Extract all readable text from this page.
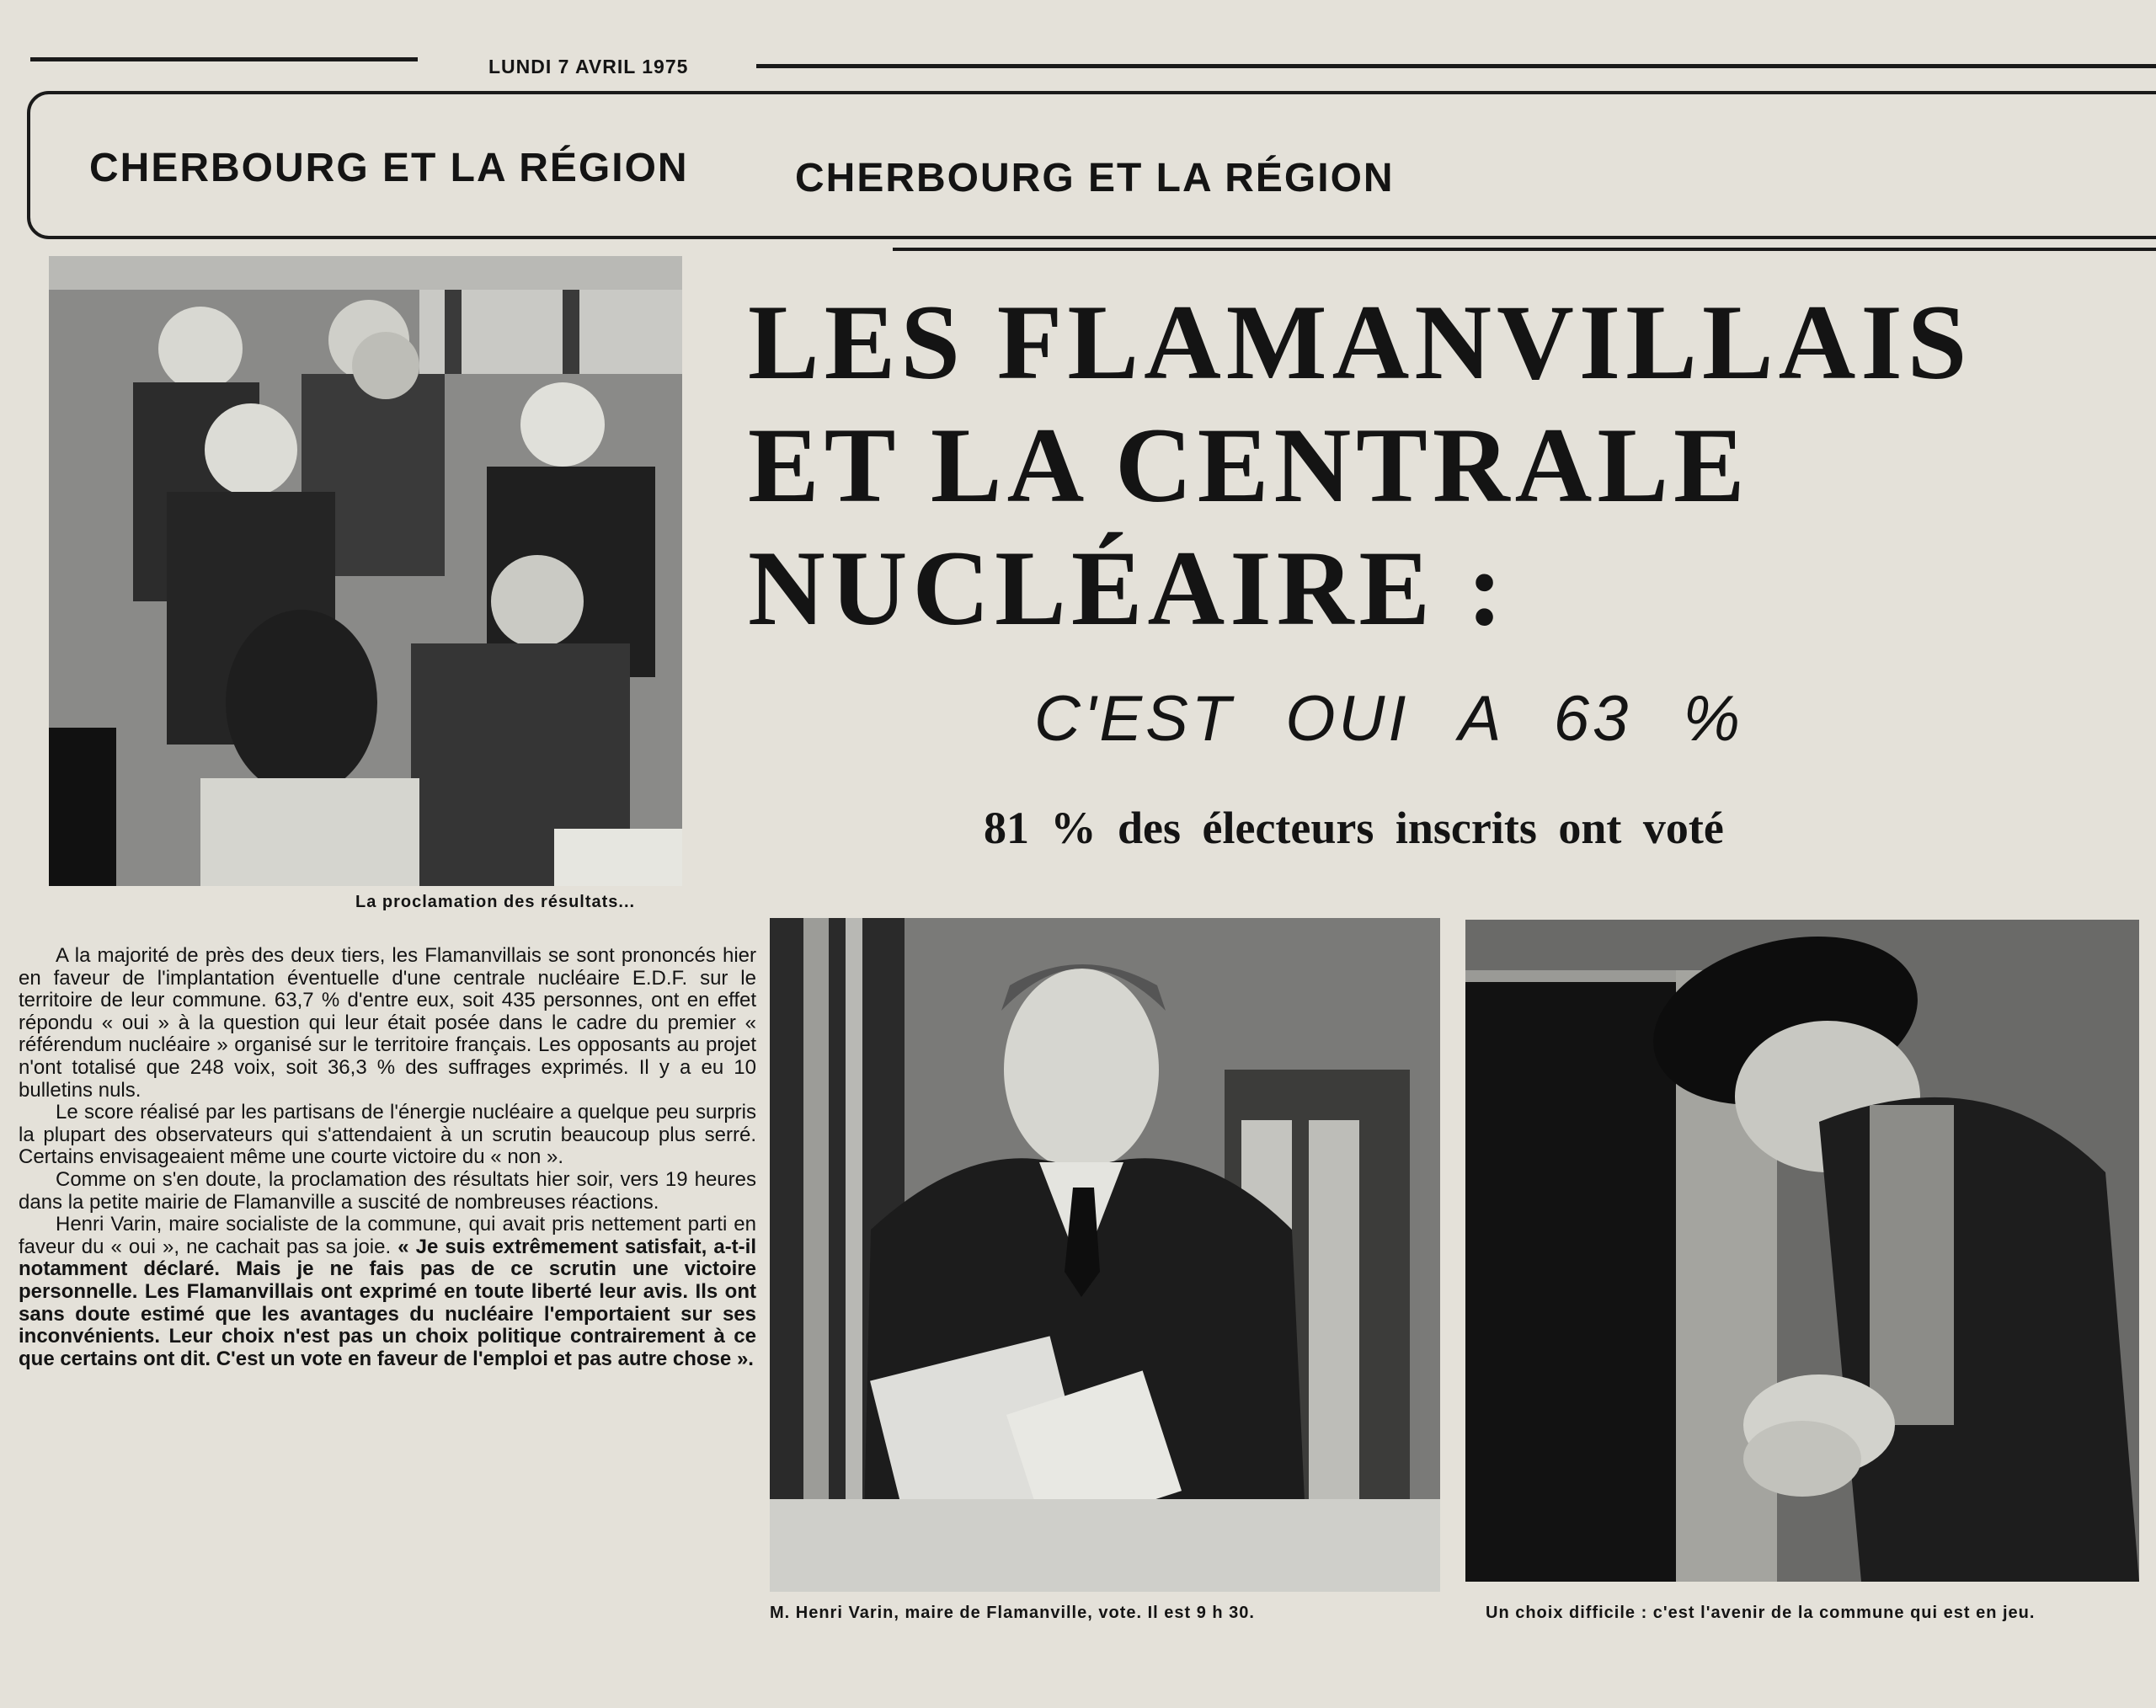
LUNDI 7 AVRIL 1975
CHERBOURG ET LA RÉGION	CHERBOURG ET LA RÉGION
La proclamation des résultats...
LES FLAMANVILLAIS
ET LA CENTRALE
NUCLÉAIRE :
C'EST OUI A 63 %
81 % des électeurs inscrits ont voté

A la majorité de près des deux tiers, les Flamanvillais se sont prononcés hier en faveur de l'implantation éventuelle d'une centrale nucléaire E.D.F. sur le territoire de leur commune. 63,7 % d'entre eux, soit 435 personnes, ont en effet répondu « oui » à la question qui leur était posée dans le cadre du premier « référendum nucléaire » organisé sur le territoire français. Les opposants au projet n'ont totalisé que 248 voix, soit 36,3 % des suffrages exprimés. Il y a eu 10 bulletins nuls.

Le score réalisé par les partisans de l'énergie nucléaire a quelque peu surpris la plupart des observateurs qui s'attendaient à un scrutin beaucoup plus serré. Certains envisageaient même une courte victoire du « non ».

Comme on s'en doute, la proclamation des résultats hier soir, vers 19 heures dans la petite mairie de Flamanville a suscité de nombreuses réactions.

Henri Varin, maire socialiste de la commune, qui avait pris nettement parti en faveur du « oui », ne cachait pas sa joie. « Je suis extrêmement satisfait, a-t-il notamment déclaré. Mais je ne fais pas de ce scrutin une victoire personnelle. Les Flamanvillais ont exprimé en toute liberté leur avis. Ils ont sans doute estimé que les avantages du nucléaire l'emportaient sur ses inconvénients. Leur choix n'est pas un choix politique contrairement à ce que certains ont dit. C'est un vote en faveur de l'emploi et pas autre chose ».

M. Henri Varin, maire de Flamanville, vote. Il est 9 h 30.	Un choix difficile : c'est l'avenir de la commune qui est en jeu.
